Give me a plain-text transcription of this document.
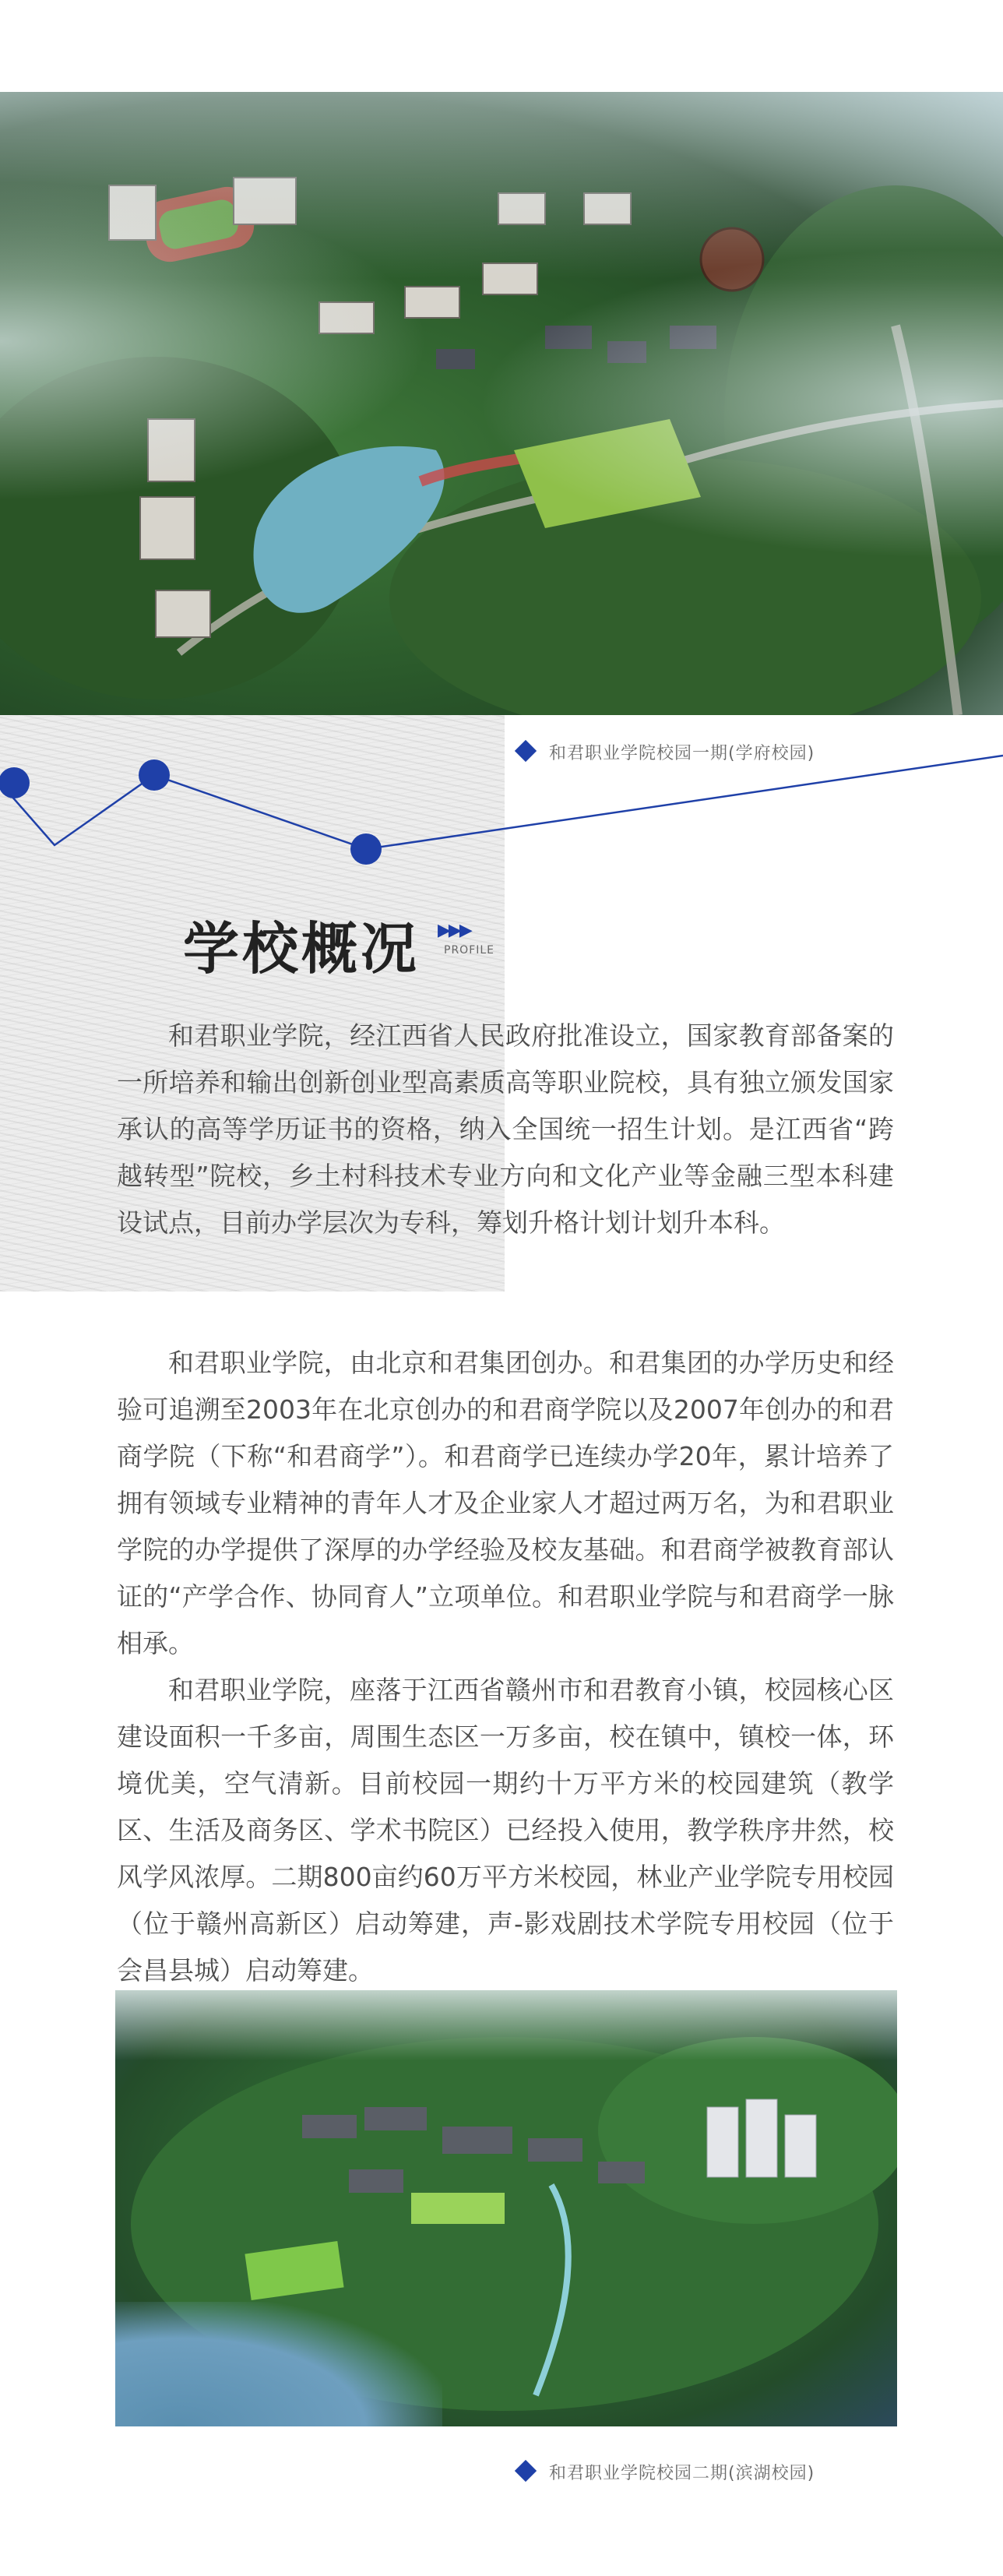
和君职业学院校园一期(学府校园)
学校概况 ▶▶▶
PROFILE

和君职业学院，经江西省人民政府批准设立，国家教育部备案的一所培养和输出创新创业型高素质高等职业院校，具有独立颁发国家承认的高等学历证书的资格，纳入全国统一招生计划。是江西省“跨越转型”院校，乡土村科技术专业方向和文化产业等金融三型本科建设试点，目前办学层次为专科，筹划升格计划计划升本科。

和君职业学院，由北京和君集团创办。和君集团的办学历史和经验可追溯至2003年在北京创办的和君商学院以及2007年创办的和君商学院（下称“和君商学”）。和君商学已连续办学20年，累计培养了拥有领域专业精神的青年人才及企业家人才超过两万名，为和君职业学院的办学提供了深厚的办学经验及校友基础。和君商学被教育部认证的“产学合作、协同育人”立项单位。和君职业学院与和君商学一脉相承。

和君职业学院，座落于江西省赣州市和君教育小镇，校园核心区建设面积一千多亩，周围生态区一万多亩，校在镇中，镇校一体，环境优美，空气清新。目前校园一期约十万平方米的校园建筑（教学区、生活及商务区、学术书院区）已经投入使用，教学秩序井然，校风学风浓厚。二期800亩约60万平方米校园，林业产业学院专用校园（位于赣州高新区）启动筹建，声-影戏剧技术学院专用校园（位于会昌县城）启动筹建。

和君职业学院校园二期(滨湖校园)
